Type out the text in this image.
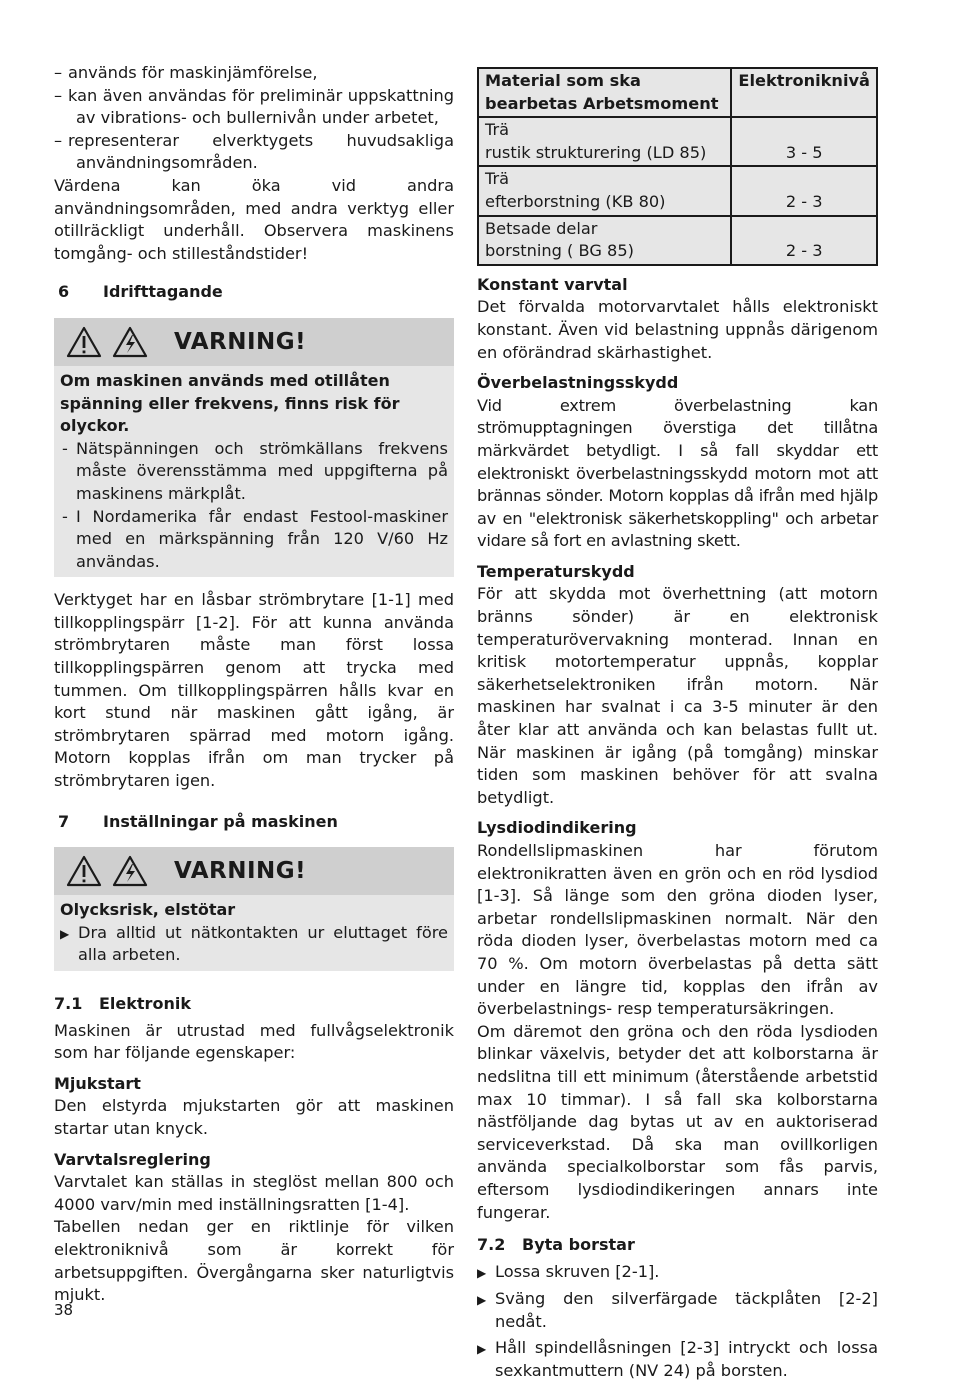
– används för maskinjämförelse,
– kan även användas för preliminär uppskattning av vibrations- och bullernivån under arbetet,
– representerar elverktygets huvudsakliga användningsområden.

Värdena kan öka vid andra användningsområden, med andra verktyg eller otillräckligt underhåll. Observera maskinens tomgång- och stilleståndstider!

6	Idrifttagande
VARNING!
Om maskinen används med otillåten spänning eller frekvens, finns risk för olyckor.
- Nätspänningen och strömkällans frekvens måste överensstämma med uppgifterna på maskinens märkplåt.
- I Nordamerika får endast Festool-maskiner med en märkspänning från 120 V/60 Hz användas.

Verktyget har en låsbar strömbrytare [1-1] med tillkopplingspärr [1-2]. För att kunna använda strömbrytaren måste man först lossa tillkopplingspärren genom att trycka med tummen. Om tillkopplingspärren hålls kvar en kort stund när maskinen gått igång, är strömbrytaren spärrad med motorn igång. Motorn kopplas ifrån om man trycker på strömbrytaren igen.

7	Inställningar på maskinen
VARNING!
Olycksrisk, elstötar
▶ Dra alltid ut nätkontakten ur eluttaget före alla arbeten.
7.1	Elektronik

Maskinen är utrustad med fullvågselektronik som har följande egenskaper:

Mjukstart

Den elstyrda mjukstarten gör att maskinen startar utan knyck.

Varvtalsreglering

Varvtalet kan ställas in steglöst mellan 800 och 4000 varv/min med inställningsratten [1-4].

Tabellen nedan ger en riktlinje för vilken elektroniknivå som är korrekt för arbetsuppgiften. Övergångarna sker naturligtvis mjukt.

Material som ska bearbetas Arbetsmoment	Elektroniknivå

Trä
rustik strukturering (LD 85)	3 - 5

Trä
efterborstning (KB 80)	2 - 3

Betsade delar
borstning ( BG 85)	2 - 3
Konstant varvtal

Det förvalda motorvarvtalet hålls elektroniskt konstant. Även vid belastning uppnås därigenom en oförändrad skärhastighet.

Överbelastningsskydd

Vid extrem överbelastning kan strömupptagningen överstiga det tillåtna märkvärdet betydligt. I så fall skyddar ett elektroniskt överbelastningsskydd motorn mot att brännas sönder. Motorn kopplas då ifrån med hjälp av en "elektronisk säkerhetskoppling" och arbetar vidare så fort en avlastning skett.

Temperaturskydd

För att skydda mot överhettning (att motorn bränns sönder) är en elektronisk temperaturövervakning monterad. Innan en kritisk motortemperatur uppnås, kopplar säkerhetselektroniken ifrån motorn. När maskinen har svalnat i ca 3-5 minuter är den åter klar att använda och kan belastas fullt ut. När maskinen är igång (på tomgång) minskar tiden som maskinen behöver för att svalna betydligt.

Lysdiodindikering

Rondellslipmaskinen har förutom elektronikratten även en grön och en röd lysdiod [1-3]. Så länge som den gröna dioden lyser, arbetar rondellslipmaskinen normalt. När den röda dioden lyser, överbelastas motorn med ca 70 %. Om motorn överbelastas på detta sätt under en längre tid, kopplas den ifrån av överbelastnings- resp temperatursäkringen.

Om däremot den gröna och den röda lysdioden blinkar växelvis, betyder det att kolborstarna är nedslitna till ett minimum (återstående arbetstid max 10 timmar). I så fall ska kolborstarna nästföljande dag bytas ut av en auktoriserad serviceverkstad. Då ska man ovillkorligen använda specialkolborstar som fås parvis, eftersom lysdiodindikeringen annars inte fungerar.

7.2	Byta borstar
▶ Lossa skruven [2-1].
▶ Sväng den silverfärgade täckplåten [2-2] nedåt.
▶ Håll spindellåsningen [2-3] intryckt och lossa sexkantmuttern (NV 24) på borsten.
38
